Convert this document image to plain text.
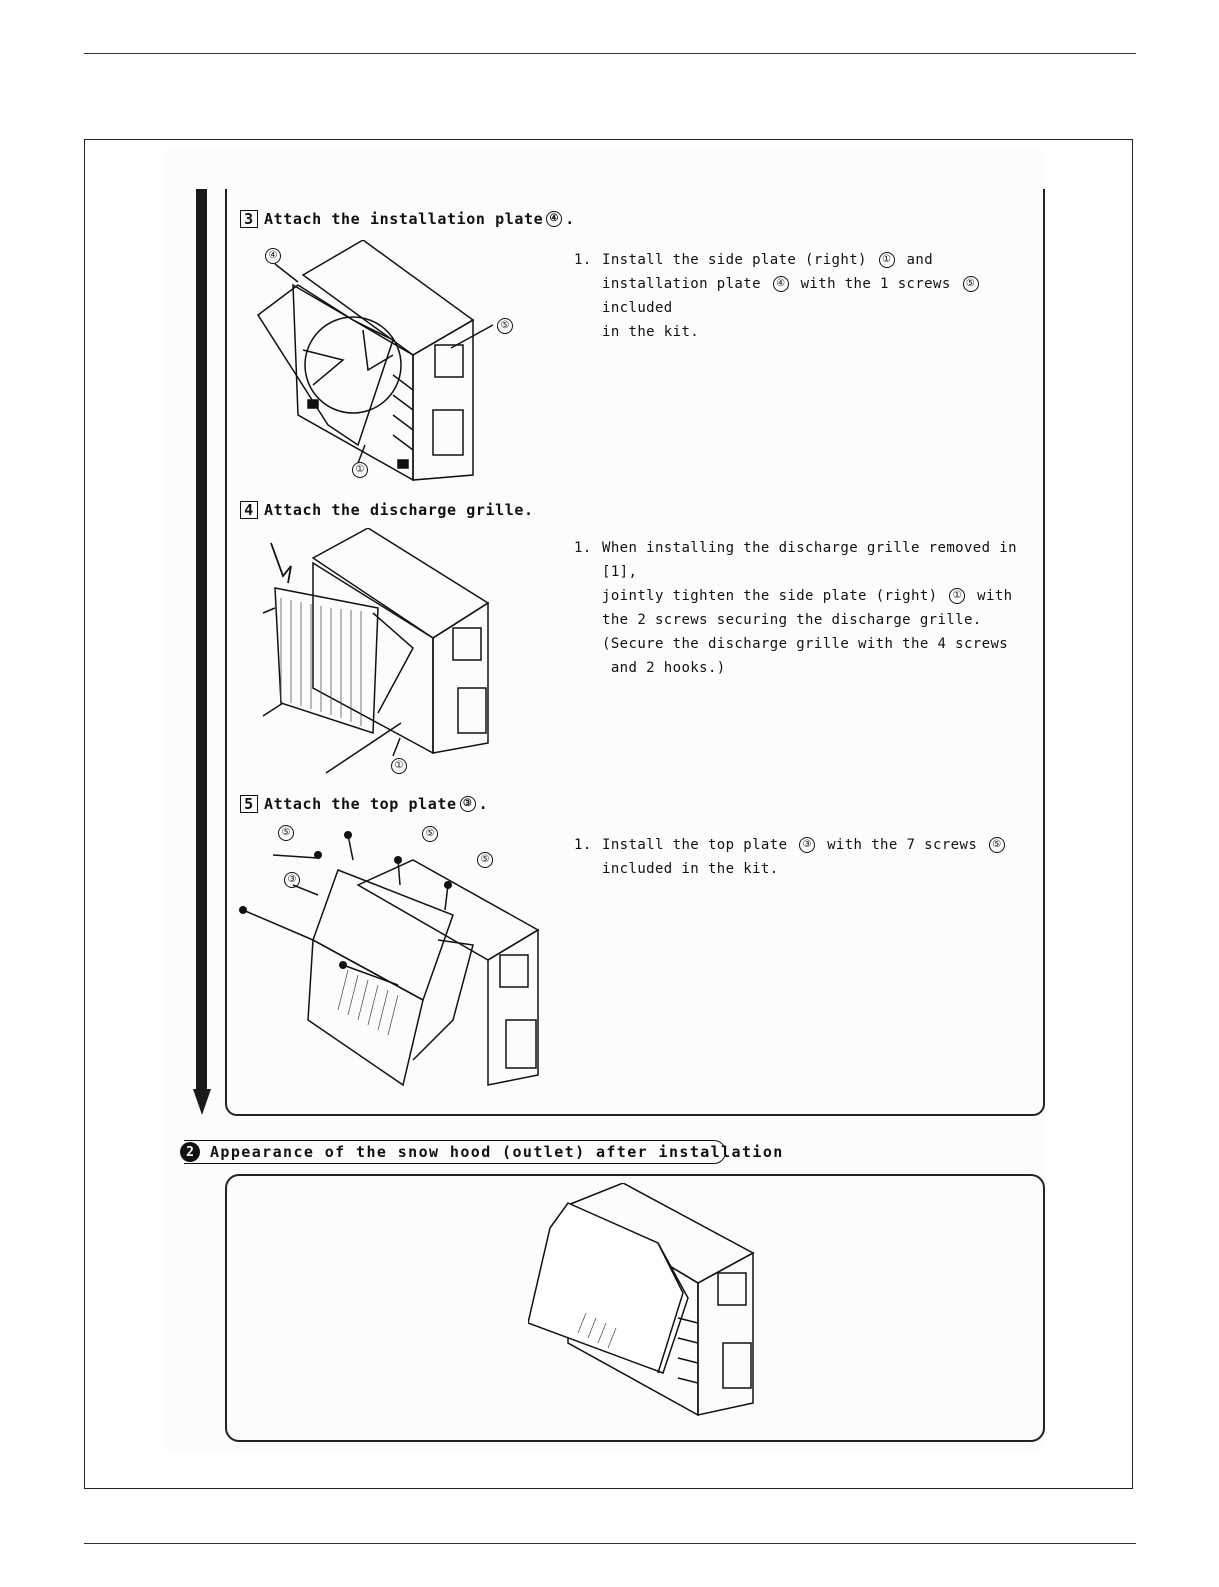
3 Attach the installation plate ④ .
④
⑤
①
1. Install the side plate (right) ① and
installation plate ④ with the 1 screws ⑤ included
in the kit.
4 Attach the discharge grille.
①
1. When installing the discharge grille removed in [1],
jointly tighten the side plate (right) ① with
the 2 screws securing the discharge grille.
(Secure the discharge grille with the 4 screws
and 2 hooks.)
5 Attach the top plate ③ .
⑤	⑤
⑤
③
1. Install the top plate ③ with the 7 screws ⑤
included in the kit.
2	Appearance of the snow hood (outlet) after installation
